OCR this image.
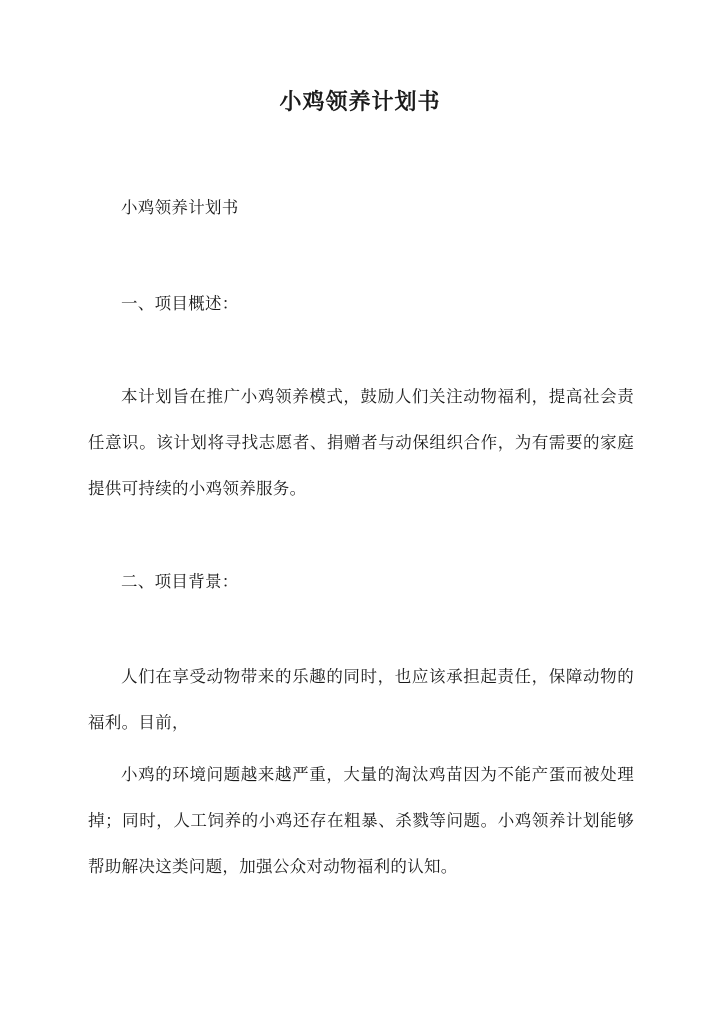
小鸡领养计划书
小鸡领养计划书
一、项目概述：
本计划旨在推广小鸡领养模式，鼓励人们关注动物福利，提高社会责任意识。该计划将寻找志愿者、捐赠者与动保组织合作，为有需要的家庭提供可持续的小鸡领养服务。
二、项目背景：
人们在享受动物带来的乐趣的同时，也应该承担起责任，保障动物的福利。目前，
小鸡的环境问题越来越严重，大量的淘汰鸡苗因为不能产蛋而被处理掉；同时，人工饲养的小鸡还存在粗暴、杀戮等问题。小鸡领养计划能够帮助解决这类问题，加强公众对动物福利的认知。
